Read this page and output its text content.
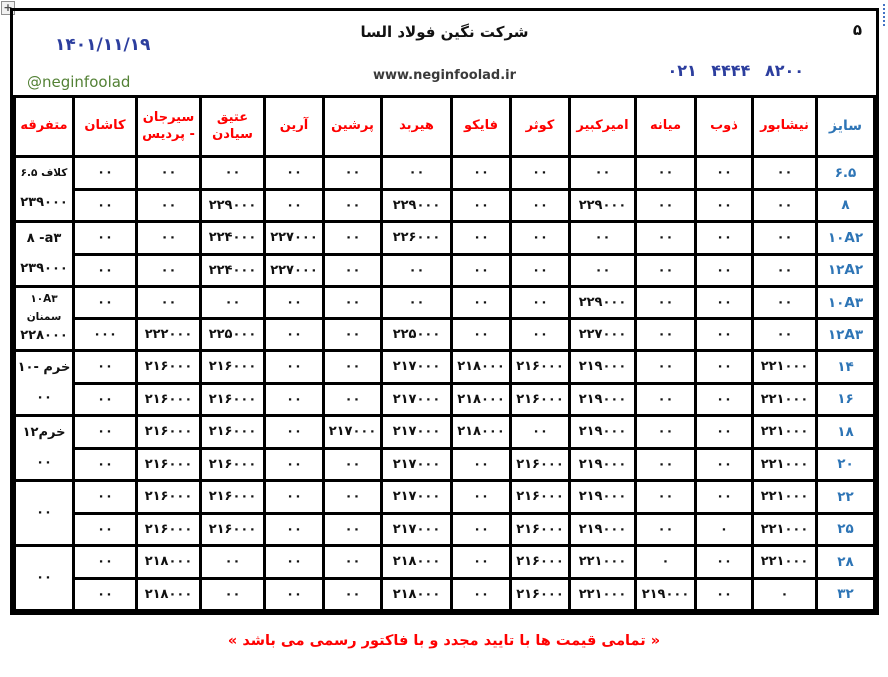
+
۵
شرکت نگین فولاد السا
۱۴۰۱/۱۱/۱۹
www.neginfoolad.ir	۰۲۱ ۴۴۴۴ ۸۲۰۰
@neginfoolad
سایز	نیشابور	ذوب	میانه	امیرکبیر	کوثر	فایکو	هیربد	پرشین	آرین	عتیق سیادن	سیرجان - پردیس	کاشان	متفرقه
۶.۵	۰۰	۰۰	۰۰	۰۰	۰۰	۰۰	۰۰	۰۰	۰۰	۰۰	۰۰	۰۰	کلاف ۶.۵
۲۳۹۰۰۰

۸	۰۰	۰۰	۰۰	۲۲۹۰۰۰	۰۰	۰۰	۲۲۹۰۰۰	۰۰	۰۰	۲۲۹۰۰۰	۰۰	۰۰	
۱۰A۲	۰۰	۰۰	۰۰	۰۰	۰۰	۰۰	۲۲۶۰۰۰	۰۰	۲۲۷۰۰۰	۲۲۴۰۰۰	۰۰	۰۰	۸ -a۳
۲۳۹۰۰۰

۱۲A۲	۰۰	۰۰	۰۰	۰۰	۰۰	۰۰	۰۰	۰۰	۲۲۷۰۰۰	۲۲۴۰۰۰	۰۰	۰۰	
۱۰A۳	۰۰	۰۰	۰۰	۲۲۹۰۰۰	۰۰	۰۰	۰۰	۰۰	۰۰	۰۰	۰۰	۰۰	۱۰A۳
سمنان
۲۲۸۰۰۰

۱۲A۳	۰۰	۰۰	۰۰	۲۲۷۰۰۰	۰۰	۰۰	۲۲۵۰۰۰	۰۰	۰۰	۲۲۵۰۰۰	۲۲۲۰۰۰	۰۰۰	
۱۴	۲۲۱۰۰۰	۰۰	۰۰	۲۱۹۰۰۰	۲۱۶۰۰۰	۲۱۸۰۰۰	۲۱۷۰۰۰	۰۰	۰۰	۲۱۶۰۰۰	۲۱۶۰۰۰	۰۰	خرم -۱۰
۰۰

۱۶	۲۲۱۰۰۰	۰۰	۰۰	۲۱۹۰۰۰	۲۱۶۰۰۰	۲۱۸۰۰۰	۲۱۷۰۰۰	۰۰	۰۰	۲۱۶۰۰۰	۲۱۶۰۰۰	۰۰	
۱۸	۲۲۱۰۰۰	۰۰	۰۰	۲۱۹۰۰۰	۰۰	۲۱۸۰۰۰	۲۱۷۰۰۰	۲۱۷۰۰۰	۰۰	۲۱۶۰۰۰	۲۱۶۰۰۰	۰۰	خرم۱۲
۰۰

۲۰	۲۲۱۰۰۰	۰۰	۰۰	۲۱۹۰۰۰	۲۱۶۰۰۰	۰۰	۲۱۷۰۰۰	۰۰	۰۰	۲۱۶۰۰۰	۲۱۶۰۰۰	۰۰	
۲۲	۲۲۱۰۰۰	۰۰	۰۰	۲۱۹۰۰۰	۲۱۶۰۰۰	۰۰	۲۱۷۰۰۰	۰۰	۰۰	۲۱۶۰۰۰	۲۱۶۰۰۰	۰۰	۰۰

۲۵	۲۲۱۰۰۰	۰	۰۰	۲۱۹۰۰۰	۲۱۶۰۰۰	۰۰	۲۱۷۰۰۰	۰۰	۰۰	۲۱۶۰۰۰	۲۱۶۰۰۰	۰۰	
۲۸	۲۲۱۰۰۰	۰۰	۰	۲۲۱۰۰۰	۲۱۶۰۰۰	۰۰	۲۱۸۰۰۰	۰۰	۰۰	۰۰	۲۱۸۰۰۰	۰۰	۰۰

۳۲	۰	۰۰	۲۱۹۰۰۰	۲۲۱۰۰۰	۲۱۶۰۰۰	۰۰	۲۱۸۰۰۰	۰۰	۰۰	۰۰	۲۱۸۰۰۰	۰۰	
« تمامی قیمت ها با تایید مجدد و با فاکتور رسمی می باشد »
